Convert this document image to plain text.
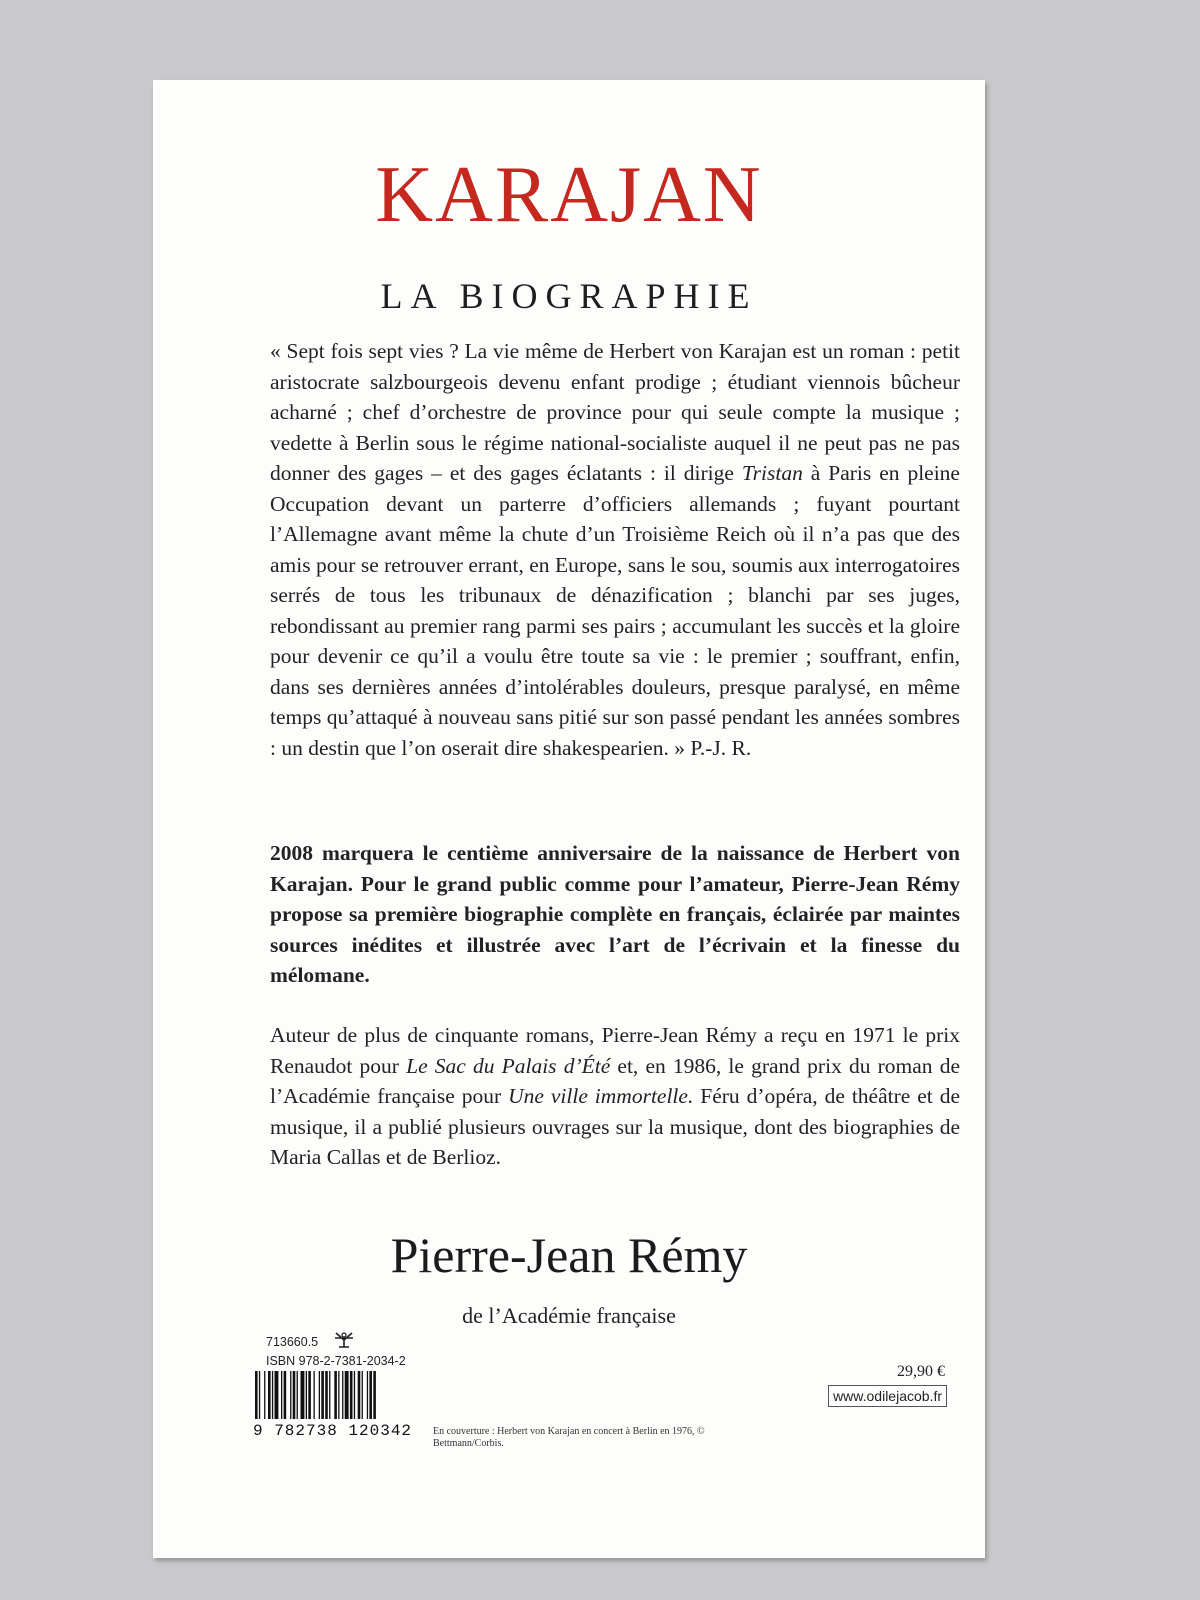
KARAJAN
LA BIOGRAPHIE

« Sept fois sept vies ? La vie même de Herbert von Karajan est un roman : petit aristocrate salzbourgeois devenu enfant prodige ; étudiant viennois bûcheur acharné ; chef d’orchestre de province pour qui seule compte la musique ; vedette à Berlin sous le régime national-socialiste auquel il ne peut pas ne pas donner des gages – et des gages éclatants : il dirige Tristan à Paris en pleine Occupation devant un parterre d’officiers allemands ; fuyant pourtant l’Allemagne avant même la chute d’un Troisième Reich où il n’a pas que des amis pour se retrouver errant, en Europe, sans le sou, soumis aux interrogatoires serrés de tous les tribunaux de dénazification ; blanchi par ses juges, rebondissant au premier rang parmi ses pairs ; accumulant les succès et la gloire pour devenir ce qu’il a voulu être toute sa vie : le premier ; souffrant, enfin, dans ses dernières années d’intolérables douleurs, presque paralysé, en même temps qu’attaqué à nouveau sans pitié sur son passé pendant les années sombres : un destin que l’on oserait dire shakespearien. » P.-J. R.

2008 marquera le centième anniversaire de la naissance de Herbert von Karajan. Pour le grand public comme pour l’amateur, Pierre-Jean Rémy propose sa première biographie complète en français, éclairée par maintes sources inédites et illustrée avec l’art de l’écrivain et la finesse du mélomane.

Auteur de plus de cinquante romans, Pierre-Jean Rémy a reçu en 1971 le prix Renaudot pour Le Sac du Palais d’Été et, en 1986, le grand prix du roman de l’Académie française pour Une ville immortelle. Féru d’opéra, de théâtre et de musique, il a publié plusieurs ouvrages sur la musique, dont des biographies de Maria Callas et de Berlioz.

Pierre-Jean Rémy
de l’Académie française
713660.5
ISBN 978-2-7381-2034-2
9 782738 120342 En couverture : Herbert von Karajan en concert à Berlin en 1976, © Bettmann/Corbis.
29,90 €
www.odilejacob.fr
